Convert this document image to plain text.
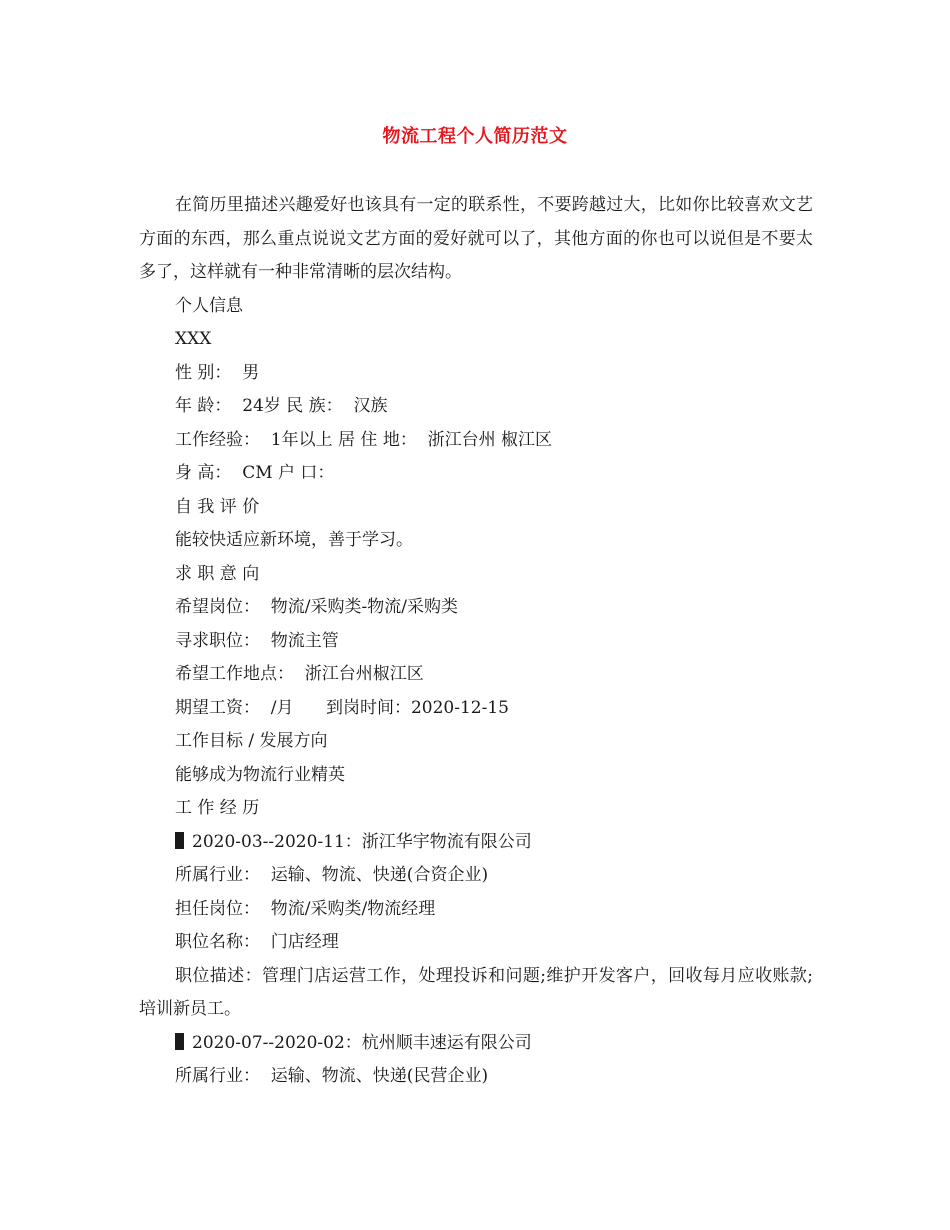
物流工程个人简历范文

在简历里描述兴趣爱好也该具有一定的联系性，不要跨越过大，比如你比较喜欢文艺方面的东西，那么重点说说文艺方面的爱好就可以了，其他方面的你也可以说但是不要太多了，这样就有一种非常清晰的层次结构。

个人信息

XXX

性 别：  男

年 龄：  24岁 民 族：  汉族

工作经验：  1年以上 居 住 地：  浙江台州 椒江区

身 高：  CM 户 口：

自 我 评 价

能较快适应新环境，善于学习。

求 职 意 向

希望岗位：  物流/采购类-物流/采购类

寻求职位：  物流主管

希望工作地点：  浙江台州椒江区

期望工资：  /月      到岗时间：2020-12-15

工作目标 / 发展方向

能够成为物流行业精英

工 作 经 历

2020-03--2020-11：浙江华宇物流有限公司

所属行业：  运输、物流、快递(合资企业)

担任岗位：  物流/采购类/物流经理

职位名称：  门店经理

职位描述：管理门店运营工作，处理投诉和问题;维护开发客户，回收每月应收账款;培训新员工。

2020-07--2020-02：杭州顺丰速运有限公司

所属行业：  运输、物流、快递(民营企业)
